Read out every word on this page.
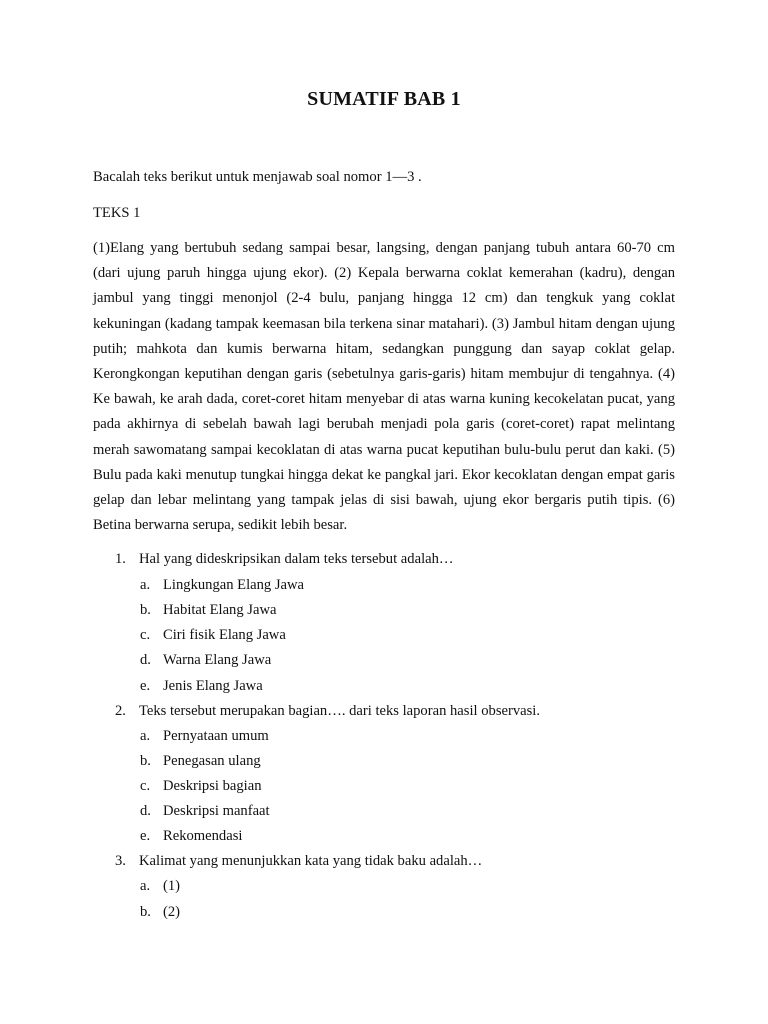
SUMATIF BAB 1
Bacalah teks berikut untuk menjawab soal nomor 1—3 .
TEKS 1

(1)Elang yang bertubuh sedang sampai besar, langsing, dengan panjang tubuh antara 60-70 cm (dari ujung paruh hingga ujung ekor). (2) Kepala berwarna coklat kemerahan (kadru), dengan jambul yang tinggi menonjol (2-4 bulu, panjang hingga 12 cm) dan tengkuk yang coklat kekuningan (kadang tampak keemasan bila terkena sinar matahari). (3) Jambul hitam dengan ujung putih; mahkota dan kumis berwarna hitam, sedangkan punggung dan sayap coklat gelap. Kerongkongan keputihan dengan garis (sebetulnya garis-garis) hitam membujur di tengahnya. (4) Ke bawah, ke arah dada, coret-coret hitam menyebar di atas warna kuning kecokelatan pucat, yang pada akhirnya di sebelah bawah lagi berubah menjadi pola garis (coret-coret) rapat melintang merah sawomatang sampai kecoklatan di atas warna pucat keputihan bulu-bulu perut dan kaki. (5) Bulu pada kaki menutup tungkai hingga dekat ke pangkal jari. Ekor kecoklatan dengan empat garis gelap dan lebar melintang yang tampak jelas di sisi bawah, ujung ekor bergaris putih tipis. (6) Betina berwarna serupa, sedikit lebih besar.

1. Hal yang dideskripsikan dalam teks tersebut adalah…
a. Lingkungan Elang Jawa
b. Habitat Elang Jawa
c. Ciri fisik Elang Jawa
d. Warna Elang Jawa
e. Jenis Elang Jawa
2. Teks tersebut merupakan bagian…. dari teks laporan hasil observasi.
a. Pernyataan umum
b. Penegasan ulang
c. Deskripsi bagian
d. Deskripsi manfaat
e. Rekomendasi
3. Kalimat yang menunjukkan kata yang tidak baku adalah…
a. (1)
b. (2)
